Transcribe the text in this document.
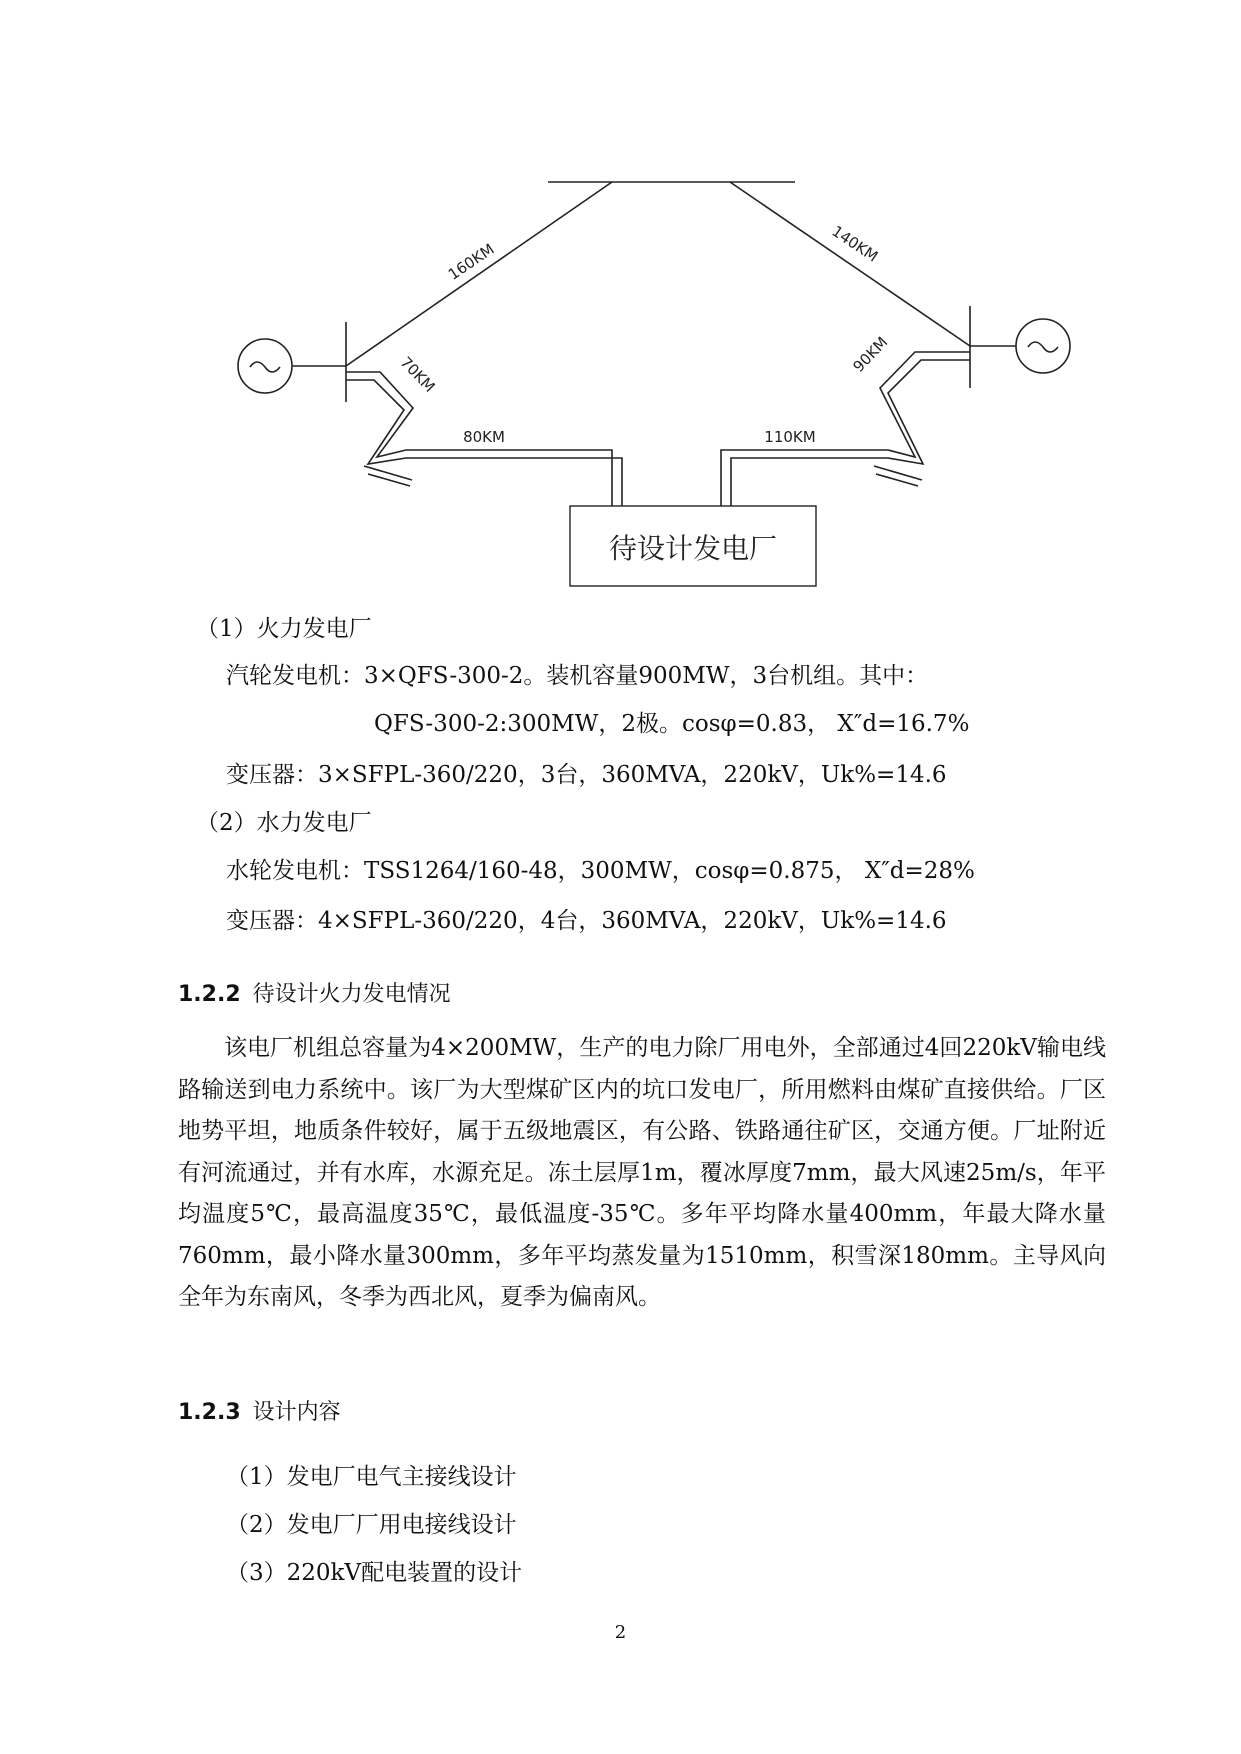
待设计发电厂
160KM	140KM
70KM	90KM
80KM	110KM
（1）火力发电厂
汽轮发电机：3×QFS-300-2。装机容量900MW，3台机组。其中：
QFS-300-2:300MW，2极。cosφ=0.83， X″d=16.7%
变压器：3×SFPL-360/220，3台，360MVA，220kV，Uk%=14.6
（2）水力发电厂
水轮发电机：TSS1264/160-48，300MW，cosφ=0.875， X″d=28%
变压器：4×SFPL-360/220，4台，360MVA，220kV，Uk%=14.6
1.2.2 待设计火力发电情况
该电厂机组总容量为4×200MW，生产的电力除厂用电外，全部通过4回220kV输电线路输送到电力系统中。该厂为大型煤矿区内的坑口发电厂，所用燃料由煤矿直接供给。厂区地势平坦，地质条件较好，属于五级地震区，有公路、铁路通往矿区，交通方便。厂址附近有河流通过，并有水库，水源充足。冻土层厚1m，覆冰厚度7mm，最大风速25m/s，年平均温度5℃，最高温度35℃，最低温度-35℃。多年平均降水量400mm，年最大降水量760mm，最小降水量300mm，多年平均蒸发量为1510mm，积雪深180mm。主导风向全年为东南风，冬季为西北风，夏季为偏南风。
1.2.3 设计内容
（1）发电厂电气主接线设计
（2）发电厂厂用电接线设计
（3）220kV配电装置的设计
2
